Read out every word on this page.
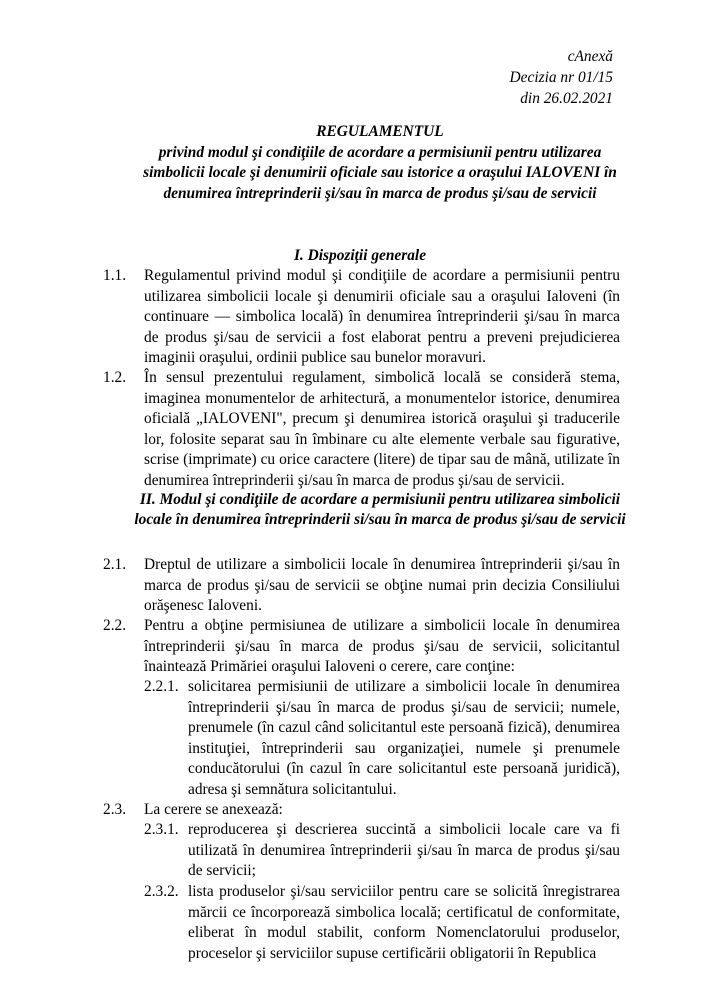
cAnexă
Decizia nr 01/15
din 26.02.2021
REGULAMENTUL
privind modul şi condiţiile de acordare a permisiunii pentru utilizarea simbolicii locale şi denumirii oficiale sau istorice a oraşului IALOVENI în denumirea întreprinderii şi/sau în marca de produs şi/sau de servicii
I. Dispoziţii generale
1.1. Regulamentul privind modul şi condiţiile de acordare a permisiunii pentru utilizarea simbolicii locale şi denumirii oficiale sau a oraşului Ialoveni (în continuare — simbolica locală) în denumirea întreprinderii şi/sau în marca de produs şi/sau de servicii a fost elaborat pentru a preveni prejudicierea imaginii oraşului, ordinii publice sau bunelor moravuri.
1.2. În sensul prezentului regulament, simbolică locală se consideră stema, imaginea monumentelor de arhitectură, a monumentelor istorice, denumirea oficială „IALOVENI", precum şi denumirea istorică oraşului şi traducerile lor, folosite separat sau în îmbinare cu alte elemente verbale sau figurative, scrise (imprimate) cu orice caractere (litere) de tipar sau de mână, utilizate în denumirea întreprinderii şi/sau în marca de produs şi/sau de servicii.
II. Modul şi condiţiile de acordare a permisiunii pentru utilizarea simbolicii locale în denumirea întreprinderii si/sau în marca de produs şi/sau de servicii
2.1. Dreptul de utilizare a simbolicii locale în denumirea întreprinderii şi/sau în marca de produs şi/sau de servicii se obţine numai prin decizia Consiliului orăşenesc Ialoveni.
2.2. Pentru a obţine permisiunea de utilizare a simbolicii locale în denumirea întreprinderii şi/sau în marca de produs şi/sau de servicii, solicitantul înaintează Primăriei oraşului Ialoveni o cerere, care conţine:
2.2.1. solicitarea permisiunii de utilizare a simbolicii locale în denumirea întreprinderii şi/sau în marca de produs şi/sau de servicii; numele, prenumele (în cazul când solicitantul este persoană fizică), denumirea instituţiei, întreprinderii sau organizaţiei, numele şi prenumele conducătorului (în cazul în care solicitantul este persoană juridică), adresa şi semnătura solicitantului.
2.3. La cerere se anexează:
2.3.1. reproducerea şi descrierea succintă a simbolicii locale care va fi utilizată în denumirea întreprinderii şi/sau în marca de produs şi/sau de servicii;
2.3.2. lista produselor şi/sau serviciilor pentru care se solicită înregistrarea mărcii ce încorporează simbolica locală; certificatul de conformitate, eliberat în modul stabilit, conform Nomenclatorului produselor, proceselor şi serviciilor supuse certificării obligatorii în Republica
